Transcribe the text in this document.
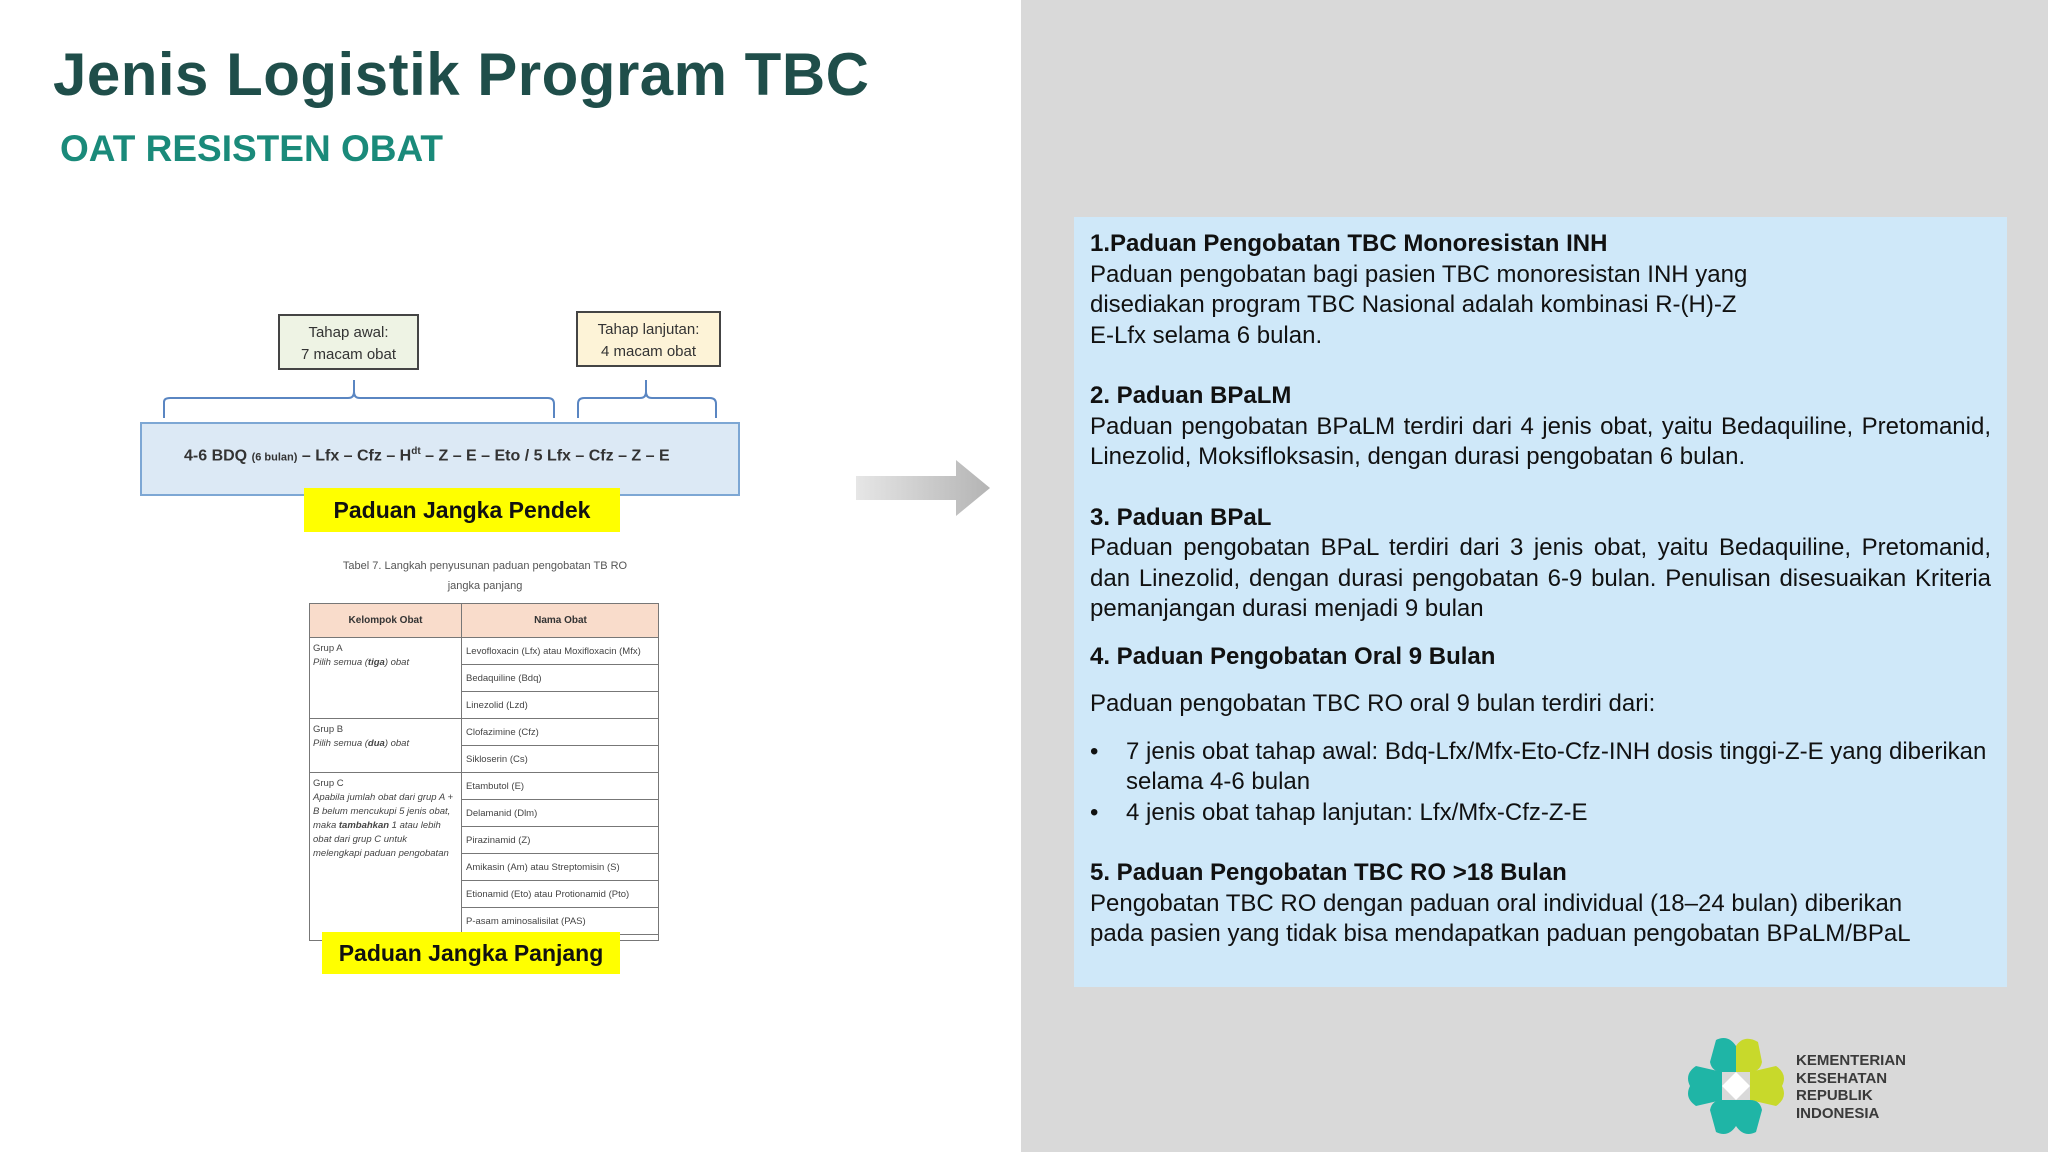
Jenis Logistik Program TBC
OAT RESISTEN OBAT
Tahap awal:
7 macam obat
Tahap lanjutan:
4 macam obat
4-6 BDQ (6 bulan) – Lfx – Cfz – $H^{dt}$ – Z – E – Eto / 5 Lfx – Cfz – Z – E
Paduan Jangka Pendek
Tabel 7. Langkah penyusunan paduan pengobatan TB RO
jangka panjang
Kelompok Obat	Nama Obat
Grup A
Pilih semua (tiga) obat
Grup B
Pilih semua (dua) obat
Grup C
Apabila jumlah obat dari grup A + B belum mencukupi 5 jenis obat, maka tambahkan 1 atau lebih obat dari grup C untuk melengkapi paduan pengobatan
Levofloxacin (Lfx) atau Moxifloxacin (Mfx)
Bedaquiline (Bdq)
Linezolid (Lzd)
Clofazimine (Cfz)
Sikloserin (Cs)
Etambutol (E)
Delamanid (Dlm)
Pirazinamid (Z)
Amikasin (Am) atau Streptomisin (S)
Etionamid (Eto) atau Protionamid (Pto)
P-asam aminosalisilat (PAS)
Paduan Jangka Panjang
1.Paduan Pengobatan TBC Monoresistan INH
Paduan pengobatan bagi pasien TBC monoresistan INH yang
disediakan program TBC Nasional adalah kombinasi R-(H)-Z
E-Lfx selama 6 bulan.
2. Paduan BPaLM
Paduan pengobatan BPaLM terdiri dari 4 jenis obat, yaitu Bedaquiline, Pretomanid, Linezolid, Moksifloksasin, dengan durasi pengobatan 6 bulan.
3. Paduan BPaL
Paduan pengobatan BPaL terdiri dari 3 jenis obat, yaitu Bedaquiline, Pretomanid, dan Linezolid, dengan durasi pengobatan 6-9 bulan. Penulisan disesuaikan Kriteria pemanjangan durasi menjadi 9 bulan
4. Paduan Pengobatan Oral 9 Bulan
Paduan pengobatan TBC RO oral 9 bulan terdiri dari:
• 7 jenis obat tahap awal: Bdq-Lfx/Mfx-Eto-Cfz-INH dosis tinggi-Z-E yang diberikan selama 4-6 bulan
• 4 jenis obat tahap lanjutan: Lfx/Mfx-Cfz-Z-E
5. Paduan Pengobatan TBC RO >18 Bulan
Pengobatan TBC RO dengan paduan oral individual (18–24 bulan) diberikan
pada pasien yang tidak bisa mendapatkan paduan pengobatan BPaLM/BPaL
KEMENTERIAN
KESEHATAN
REPUBLIK
INDONESIA
